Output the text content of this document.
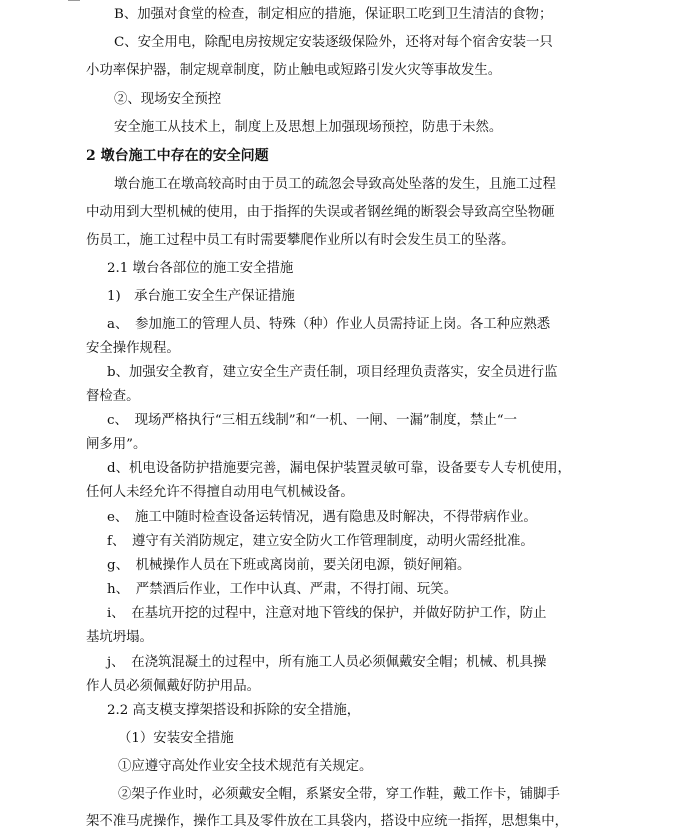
B、加强对食堂的检查，制定相应的措施，保证职工吃到卫生清洁的食物；
C、安全用电，除配电房按规定安装逐级保险外，还将对每个宿舍安装一只
小功率保护器，制定规章制度，防止触电或短路引发火灾等事故发生。
②、现场安全预控
安全施工从技术上，制度上及思想上加强现场预控，防患于未然。
2 墩台施工中存在的安全问题
墩台施工在墩高较高时由于员工的疏忽会导致高处坠落的发生，且施工过程
中动用到大型机械的使用，由于指挥的失误或者钢丝绳的断裂会导致高空坠物砸
伤员工，施工过程中员工有时需要攀爬作业所以有时会发生员工的坠落。
2.1 墩台各部位的施工安全措施
1)　承台施工安全生产保证措施
a、　参加施工的管理人员、特殊（种）作业人员需持证上岗。各工种应熟悉
安全操作规程。
b、加强安全教育，建立安全生产责任制，项目经理负责落实，安全员进行监
督检查。
c、　现场严格执行“三相五线制”和“一机、一闸、一漏”制度，禁止“一
闸多用”。
d、机电设备防护措施要完善，漏电保护装置灵敏可靠，设备要专人专机使用，
任何人未经允许不得擅自动用电气机械设备。
e、　施工中随时检查设备运转情况，遇有隐患及时解决，不得带病作业。
f、　遵守有关消防规定，建立安全防火工作管理制度，动明火需经批准。
g、　机械操作人员在下班或离岗前，要关闭电源，锁好闸箱。
h、　严禁酒后作业，工作中认真、严肃，不得打闹、玩笑。
i、　在基坑开挖的过程中，注意对地下管线的保护，并做好防护工作，防止
基坑坍塌。
j、　在浇筑混凝土的过程中，所有施工人员必须佩戴安全帽；机械、机具操
作人员必须佩戴好防护用品。
2.2 高支模支撑架搭设和拆除的安全措施，
（1）安装安全措施
①应遵守高处作业安全技术规范有关规定。
②架子作业时，必须戴安全帽，系紧安全带，穿工作鞋，戴工作卡，铺脚手
架不准马虎操作，操作工具及零件放在工具袋内，搭设中应统一指挥，思想集中，
